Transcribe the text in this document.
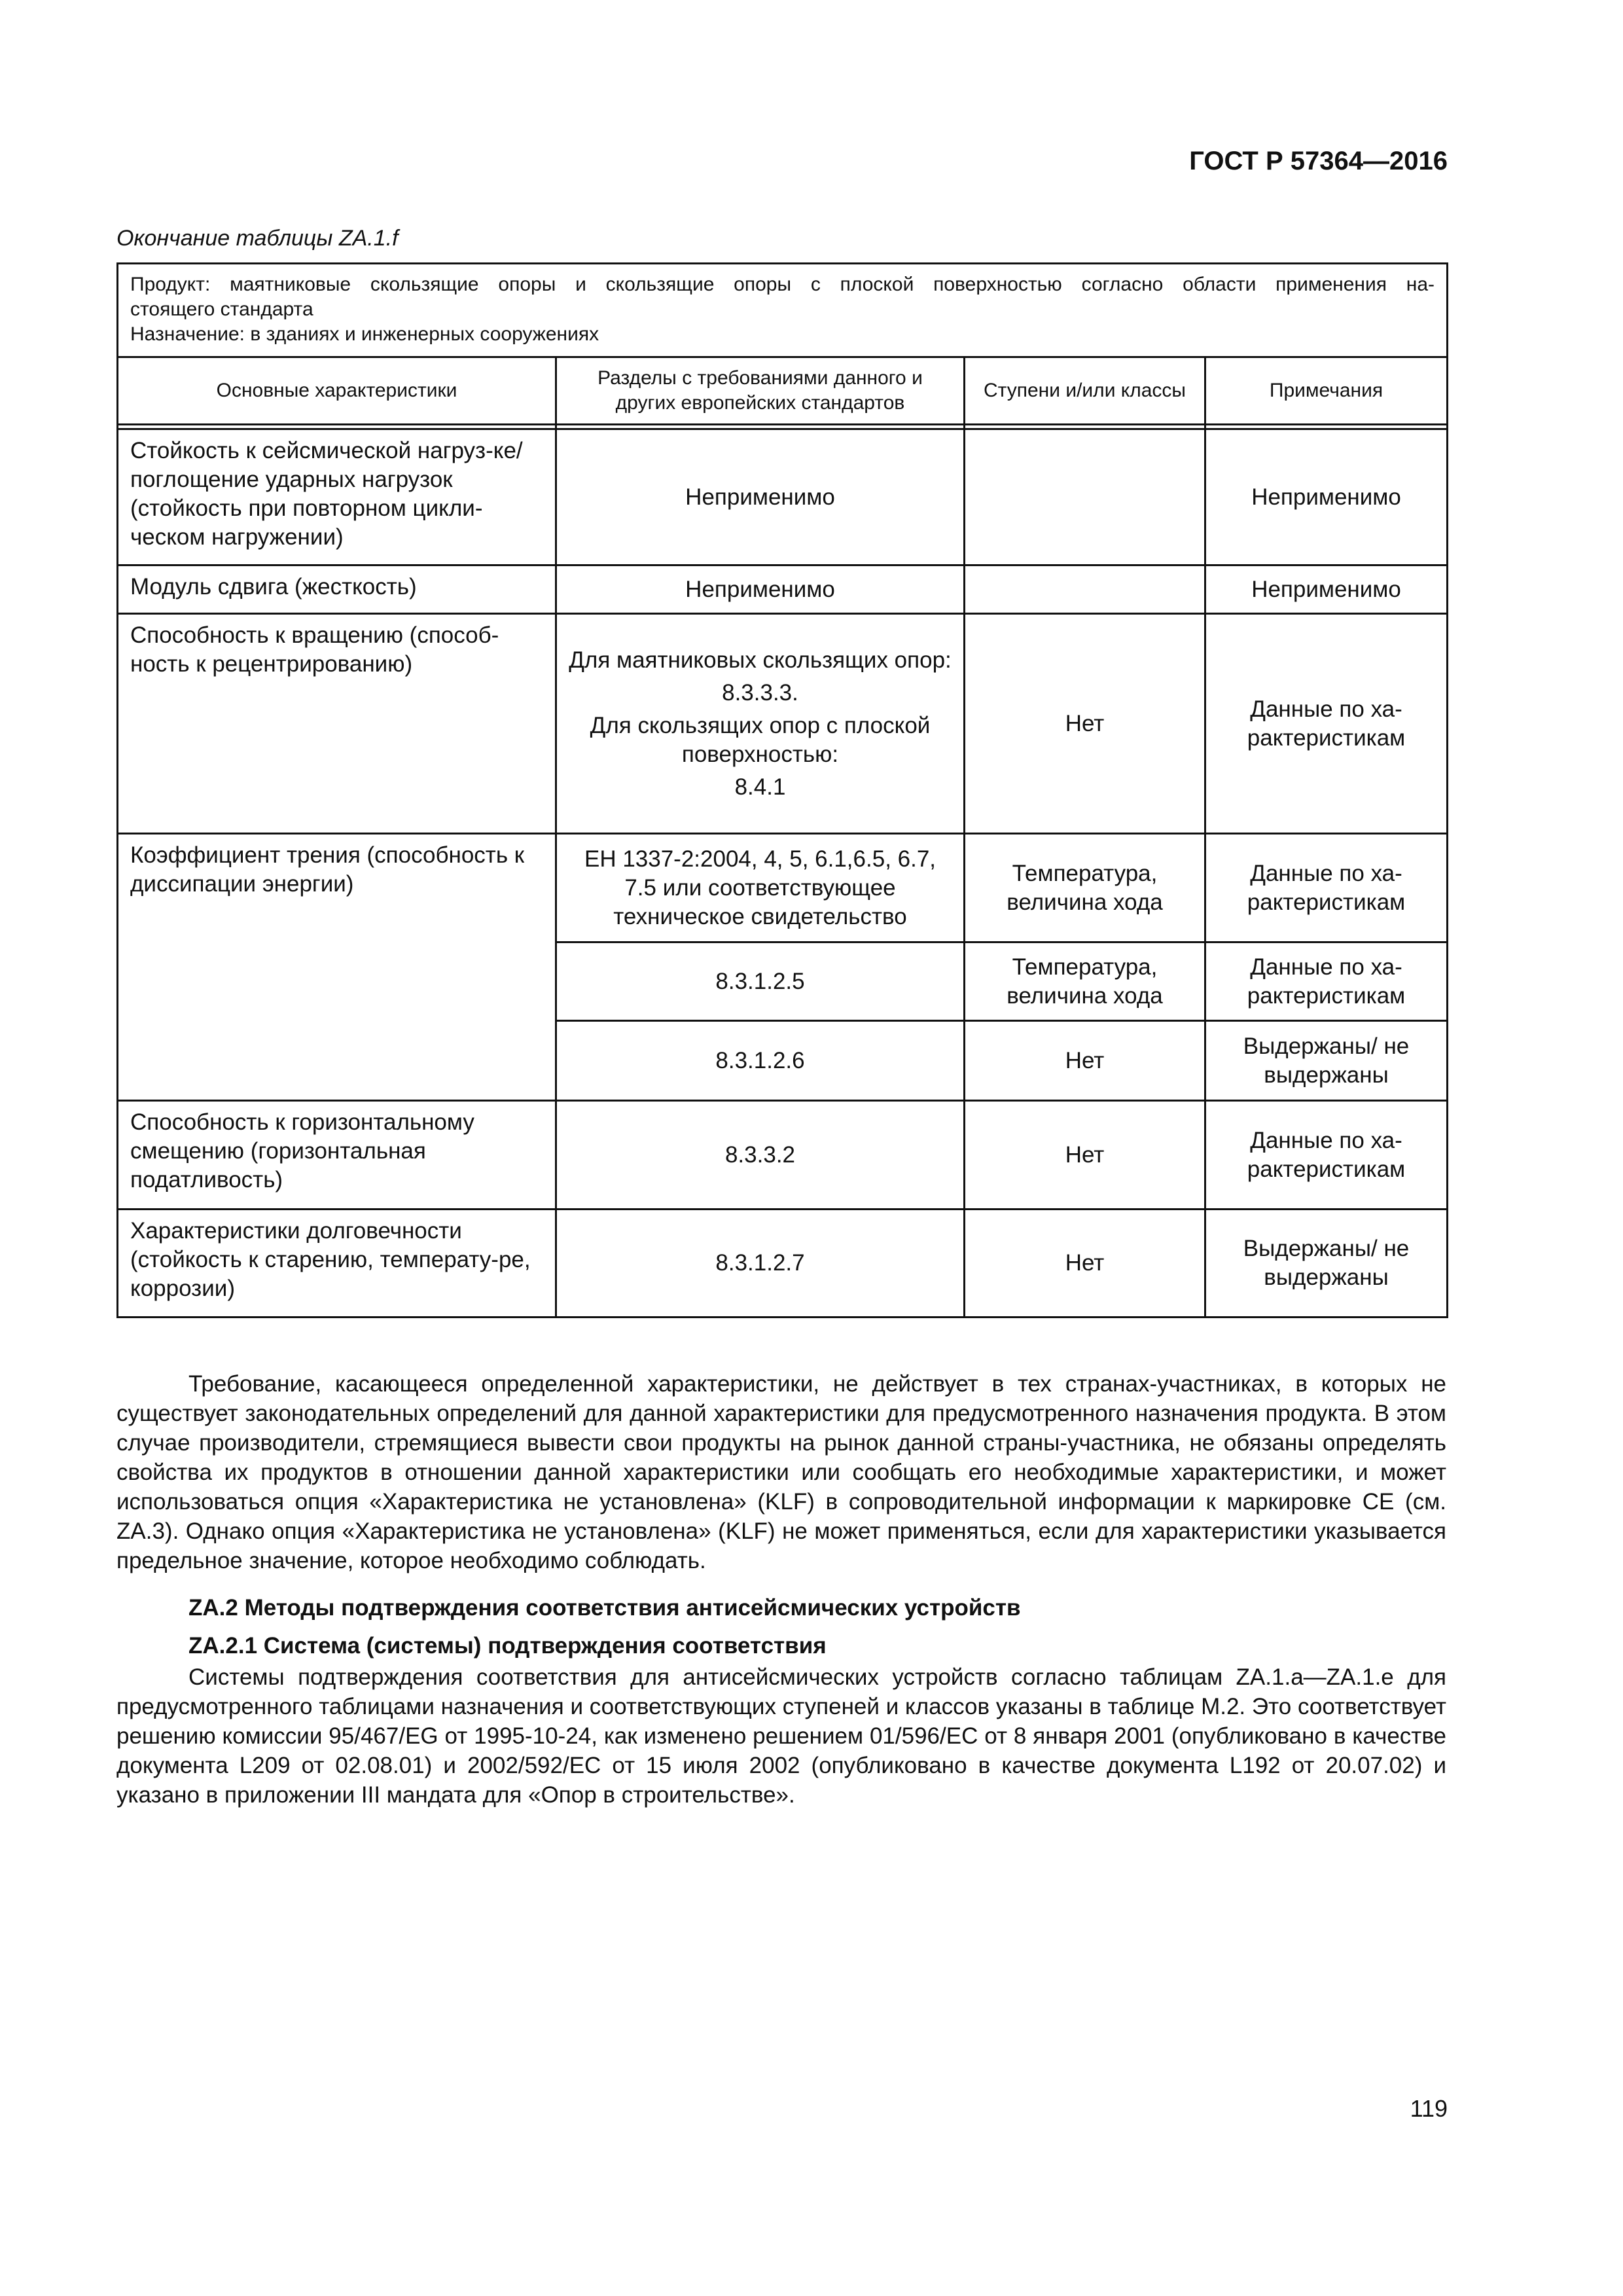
ГОСТ Р 57364—2016
Окончание таблицы ZA.1.f
Продукт: маятниковые скользящие опоры и скользящие опоры с плоской поверхностью согласно области применения на-
стоящего стандарта
Назначение: в зданиях и инженерных сооружениях			

Основные характеристики	Разделы с требованиями данного и других европейских стандартов	Ступени и/или классы	Примечания

Стойкость к сейсмической нагруз-ке/поглощение ударных нагрузок (стойкость при повторном цикли-ческом нагружении)	Неприменимо		Неприменимо
Модуль сдвига (жесткость)	Неприменимо		Неприменимо
Способность к вращению (способ-ность к рецентрированию)	Для маятниковых скользящих опор:
8.3.3.3.
Для скользящих опор с плоской поверхностью:
8.4.1	Нет	Данные по ха-рактеристикам
Коэффициент трения (способность к диссипации энергии)	ЕН 1337-2:2004, 4, 5, 6.1,6.5, 6.7, 7.5 или соответствующее техническое свидетельство	Температура, величина хода	Данные по ха-рактеристикам
	8.3.1.2.5	Температура, величина хода	Данные по ха-рактеристикам
	8.3.1.2.6	Нет	Выдержаны/ не выдержаны
Способность к горизонтальному смещению (горизонтальная податливость)	8.3.3.2	Нет	Данные по ха-рактеристикам
Характеристики долговечности (стойкость к старению, температу-ре, коррозии)	8.3.1.2.7	Нет	Выдержаны/ не выдержаны

Требование, касающееся определенной характеристики, не действует в тех странах-участниках, в которых не существует законодательных определений для данной характеристики для предусмотренного назначения продукта. В этом случае производители, стремящиеся вывести свои продукты на рынок данной страны-участника, не обязаны определять свойства их продуктов в отношении данной характеристики или сообщать его необходимые характеристики, и может использоваться опция «Характеристика не установлена» (KLF) в сопроводительной информации к маркировке СЕ (см. ZA.3). Однако опция «Характеристика не установлена» (KLF) не может применяться, если для характеристики указывается предельное значение, которое необходимо соблюдать.

ZA.2 Методы подтверждения соответствия антисейсмических устройств
ZA.2.1 Система (системы) подтверждения соответствия

Системы подтверждения соответствия для антисейсмических устройств согласно таблицам ZA.1.a—ZA.1.e для предусмотренного таблицами назначения и соответствующих ступеней и классов указаны в таблице М.2. Это соответствует решению комиссии 95/467/EG от 1995-10-24, как изменено решением 01/596/EC от 8 января 2001 (опубликовано в качестве документа L209 от 02.08.01) и 2002/592/EC от 15 июля 2002 (опубликовано в качестве документа L192 от 20.07.02) и указано в приложении III мандата для «Опор в строительстве».

119
